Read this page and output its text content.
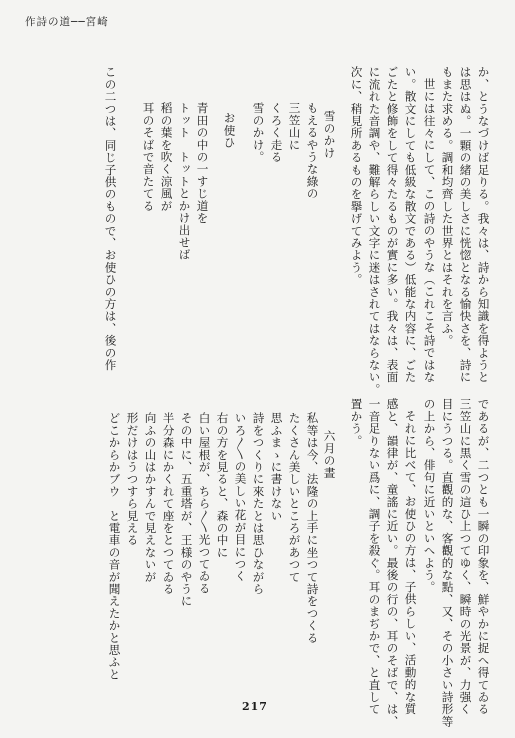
作詩の道──宮崎
か、とうなづけば足りる。我々は、詩から知識を得ようと
は思はぬ。一顆の緒の美しさに恍惚となる愉快さを、詩に
もまた求める。調和均齊した世界とはそれを言ふ。
世には往々にして、この詩のやうな（これこそ詩ではな
い。散文にしても低級な散文である）低能な内容に、ごた
ごたと修飾をして得々たるものが實に多い。我々は、表面
に流れた音調や、難解らしい文字に迷はされてはならない。
次に、稍見所あるものを擧げてみよう。
雪のかけ
もえるやうな綠の
三笠山に
くろく走る
雪のかけ。
お使ひ
青田の中の一すじ道を
トット　トットとかけ出せば
稻の葉を吹く涼風が
耳のそばで音たてる
この二つは、同じ子供のもので、お使ひの方は、後の作
であるが、二つとも一瞬の印象を、鮮やかに捉へ得てゐる
三笠山に黒く雪の這ひ上つてゆく、瞬時の光景が、力强く
目にうつる。直觀的な、客觀的な點、又、その小さい詩形等
の上から、俳句に近いといへよう。
それに比べて、お使ひの方は、子供らしい、活動的な質
感と、韻律が、童謠に近い。最後の行の、耳のそばで、は、
一音足りない爲に、調子を殺ぐ。耳のまぢかで、と直して
置かう。
六月の晝
私等は今、法隆の上手に坐つて詩をつくる
たくさん美しいところがあつて
思ふまゝに書けない
詩をつくりに來たとは思ひながら
いろ〳〵の美しい花が目につく
右の方を見ると、森の中に
白い屋根が、ちら〳〵光つてゐる
その中に、五重塔が、王様のやうに
半分森にかくれて座をとつてゐる
向ふの山はかすんで見えないが
形だけはうつすら見える
どこからかブウ　と電車の音が聞えたかと思ふと
217
